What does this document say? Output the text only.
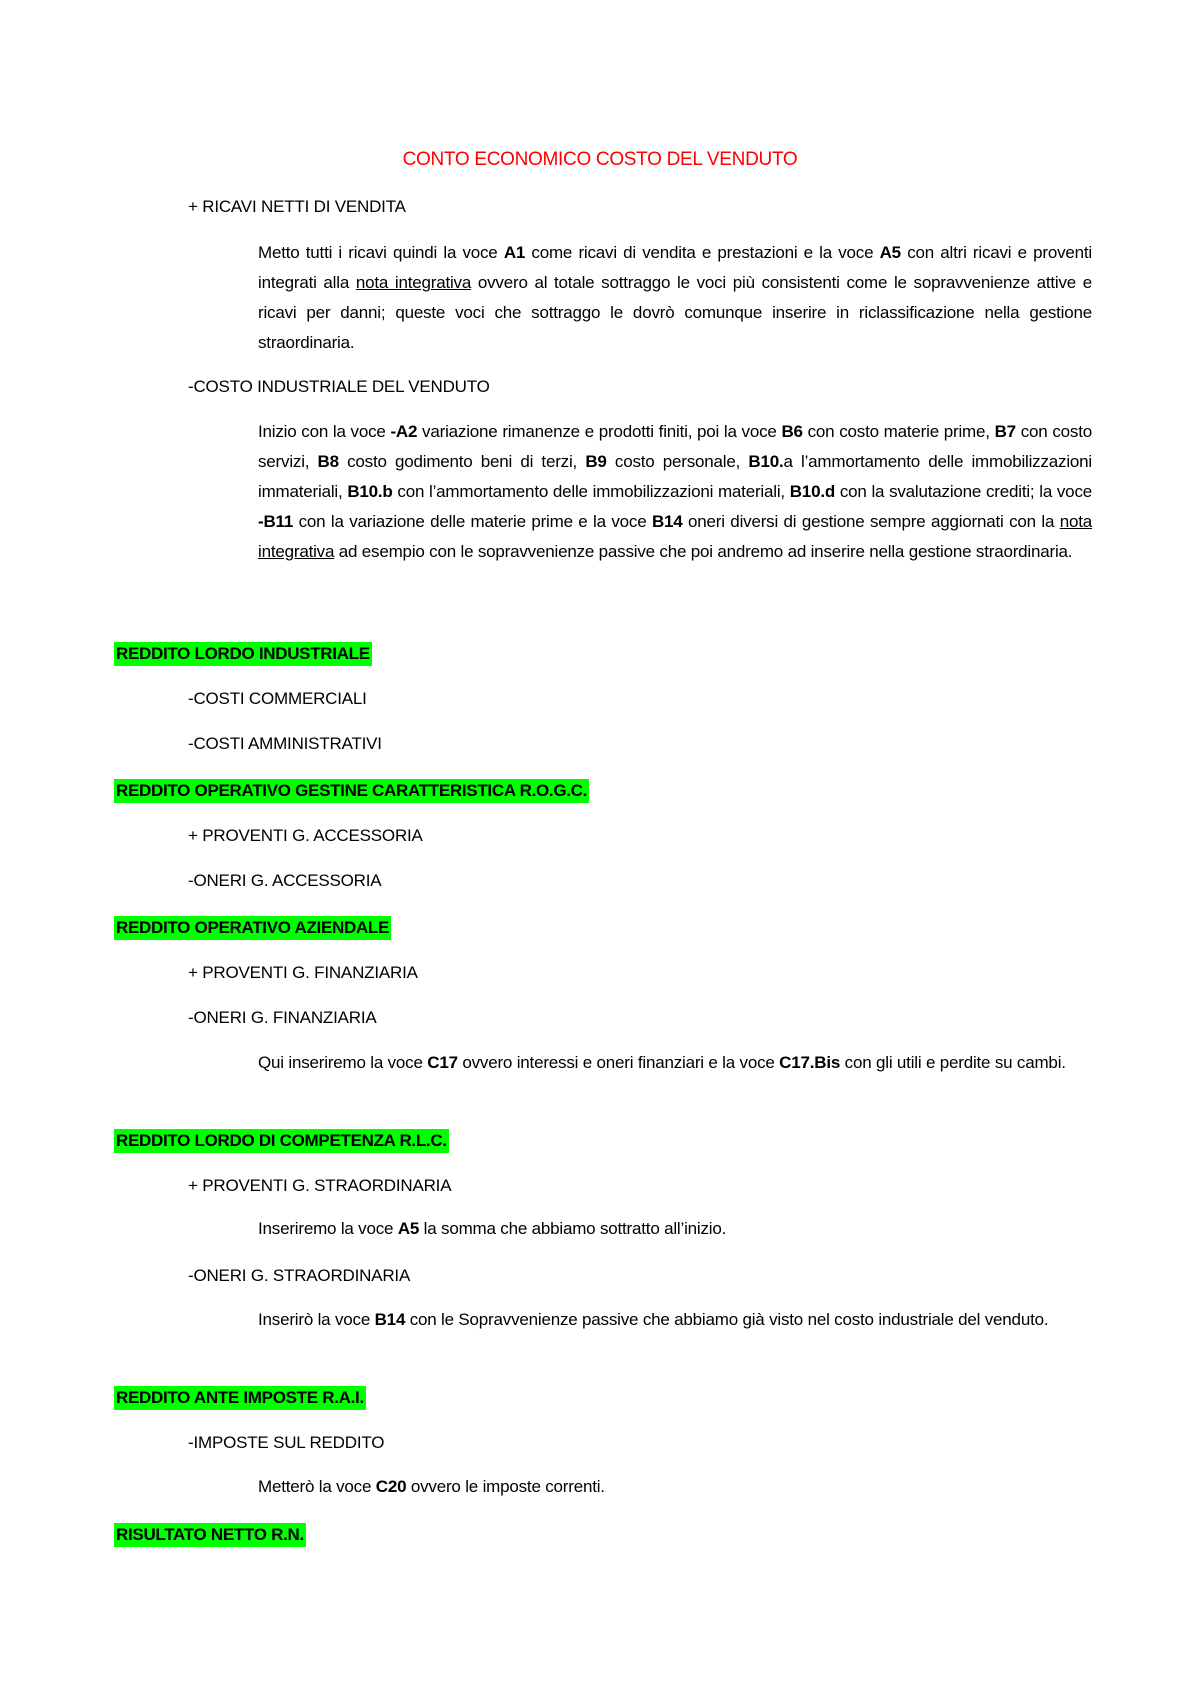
CONTO ECONOMICO COSTO DEL VENDUTO
+ RICAVI NETTI DI VENDITA
Metto tutti i ricavi quindi la voce A1 come ricavi di vendita e prestazioni e la voce A5 con altri ricavi e proventi integrati alla nota integrativa ovvero al totale sottraggo le voci più consistenti come le sopravvenienze attive e ricavi per danni; queste voci che sottraggo le dovrò comunque inserire in riclassificazione nella gestione straordinaria.
-COSTO INDUSTRIALE DEL VENDUTO
Inizio con la voce -A2 variazione rimanenze e prodotti finiti, poi la voce B6 con costo materie prime, B7 con costo servizi, B8 costo godimento beni di terzi, B9 costo personale, B10.a l’ammortamento delle immobilizzazioni immateriali, B10.b con l’ammortamento delle immobilizzazioni materiali, B10.d con la svalutazione crediti; la voce -B11 con la variazione delle materie prime e la voce B14 oneri diversi di gestione sempre aggiornati con la nota integrativa ad esempio con le sopravvenienze passive che poi andremo ad inserire nella gestione straordinaria.
REDDITO LORDO INDUSTRIALE
-COSTI COMMERCIALI
-COSTI AMMINISTRATIVI
REDDITO OPERATIVO GESTINE CARATTERISTICA R.O.G.C.
+ PROVENTI G. ACCESSORIA
-ONERI G. ACCESSORIA
REDDITO OPERATIVO AZIENDALE
+ PROVENTI G. FINANZIARIA
-ONERI G. FINANZIARIA
Qui inseriremo la voce C17 ovvero interessi e oneri finanziari e la voce C17.Bis con gli utili e perdite su cambi.
REDDITO LORDO DI COMPETENZA R.L.C.
+ PROVENTI G. STRAORDINARIA
Inseriremo la voce A5 la somma che abbiamo sottratto all’inizio.
-ONERI G. STRAORDINARIA
Inserirò la voce B14 con le Sopravvenienze passive che abbiamo già visto nel costo industriale del venduto.
REDDITO ANTE IMPOSTE R.A.I.
-IMPOSTE SUL REDDITO
Metterò la voce C20 ovvero le imposte correnti.
RISULTATO NETTO R.N.
